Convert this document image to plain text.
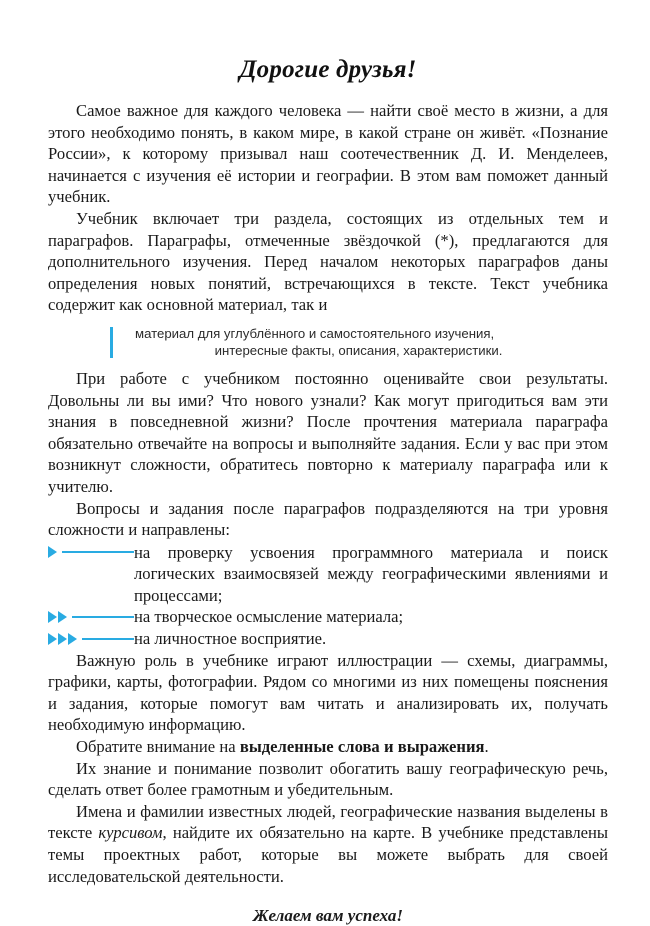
Дорогие друзья!

Самое важное для каждого человека — найти своё место в жизни, а для этого необходимо понять, в каком мире, в какой стране он живёт. «Познание России», к которому призывал наш соотечественник Д. И. Менделеев, начинается с изучения её истории и географии. В этом вам поможет данный учебник.

Учебник включает три раздела, состоящих из отдельных тем и параграфов. Параграфы, отмеченные звёздочкой (*), предлагаются для дополнительного изучения. Перед началом некоторых параграфов даны определения новых понятий, встречающихся в тексте. Текст учебника содержит как основной материал, так и

материал для углублённого и самостоятельного изучения,
интересные факты, описания, характеристики.

При работе с учебником постоянно оценивайте свои результаты. Довольны ли вы ими? Что нового узнали? Как могут пригодиться вам эти знания в повседневной жизни? После прочтения материала параграфа обязательно отвечайте на вопросы и выполняйте задания. Если у вас при этом возникнут сложности, обратитесь повторно к материалу параграфа или к учителю.

Вопросы и задания после параграфов подразделяются на три уровня сложности и направлены:

на проверку усвоения программного материала и поиск логических взаимосвязей между географическими явлениями и процессами;
на творческое осмысление материала;
на личностное восприятие.

Важную роль в учебнике играют иллюстрации — схемы, диаграммы, графики, карты, фотографии. Рядом со многими из них помещены пояснения и задания, которые помогут вам читать и анализировать их, получать необходимую информацию.

Обратите внимание на выделенные слова и выражения.

Их знание и понимание позволит обогатить вашу географическую речь, сделать ответ более грамотным и убедительным.

Имена и фамилии известных людей, географические названия выделены в тексте курсивом, найдите их обязательно на карте. В учебнике представлены темы проектных работ, которые вы можете выбрать для своей исследовательской деятельности.

Желаем вам успеха!
